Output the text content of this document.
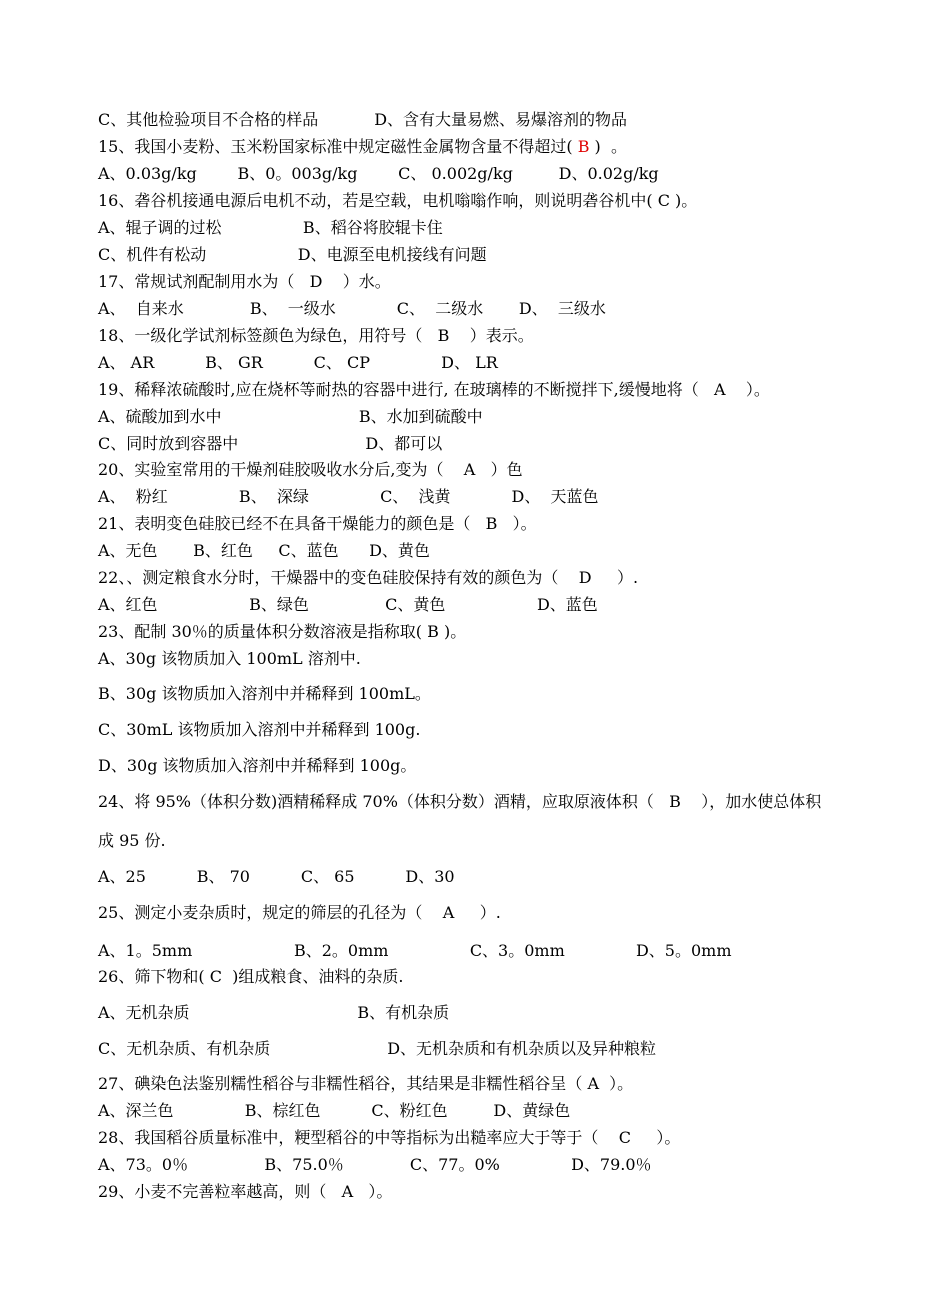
C、其他检验项目不合格的样品           D、含有大量易燃、易爆溶剂的物品
15、我国小麦粉、玉米粉国家标准中规定磁性金属物含量不得超过( B )  。
A、0.03g/kg        B、0。003g/kg        C、 0.002g/kg         D、0.02g/kg
16、砻谷机接通电源后电机不动，若是空载，电机嗡嗡作响，则说明砻谷机中( C )。
A、辊子调的过松                B、稻谷将胶辊卡住
C、机件有松动                  D、电源至电机接线有问题
17、常规试剂配制用水为（   D    ）水。
A、  自来水             B、  一级水            C、  二级水       D、  三级水
18、一级化学试剂标签颜色为绿色，用符号（   B    ）表示。
A、 AR          B、 GR          C、 CP              D、 LR
19、稀释浓硫酸时,应在烧杯等耐热的容器中进行, 在玻璃棒的不断搅拌下,缓慢地将（   A    ）。
A、硫酸加到水中                           B、水加到硫酸中
C、同时放到容器中                         D、都可以
20、实验室常用的干燥剂硅胶吸收水分后,变为（    A   ）色
A、  粉红              B、  深绿              C、  浅黄            D、  天蓝色
21、表明变色硅胶已经不在具备干燥能力的颜色是（   B   ）。
A、无色       B、红色     C、蓝色      D、黄色
22、、测定粮食水分时，干燥器中的变色硅胶保持有效的颜色为（    D     ）.
A、红色                  B、绿色               C、黄色                  D、蓝色
23、配制 30％的质量体积分数溶液是指称取( B )。
A、30g 该物质加入 100mL 溶剂中.
B、30g 该物质加入溶剂中并稀释到 100mL。
C、30mL 该物质加入溶剂中并稀释到 100g.
D、30g 该物质加入溶剂中并稀释到 100g。
24、将 95%（体积分数)酒精稀释成 70%（体积分数）酒精，应取原液体积（   B    ），加水使总体积
成 95 份.
A、25          B、 70          C、 65          D、30
25、测定小麦杂质时，规定的筛层的孔径为（    A     ）.
A、1。5mm                    B、2。0mm                C、3。0mm              D、5。0mm
26、筛下物和( C  )组成粮食、油料的杂质.
A、无机杂质                                 B、有机杂质
C、无机杂质、有机杂质                       D、无机杂质和有机杂质以及异种粮粒
27、碘染色法鉴别糯性稻谷与非糯性稻谷，其结果是非糯性稻谷呈（ A  ）。
A、深兰色              B、棕红色          C、粉红色         D、黄绿色
28、我国稻谷质量标准中，粳型稻谷的中等指标为出糙率应大于等于（    C     ）。
A、73。0％               B、75.0％             C、77。0%              D、79.0％
29、小麦不完善粒率越高，则（   A   ）。
